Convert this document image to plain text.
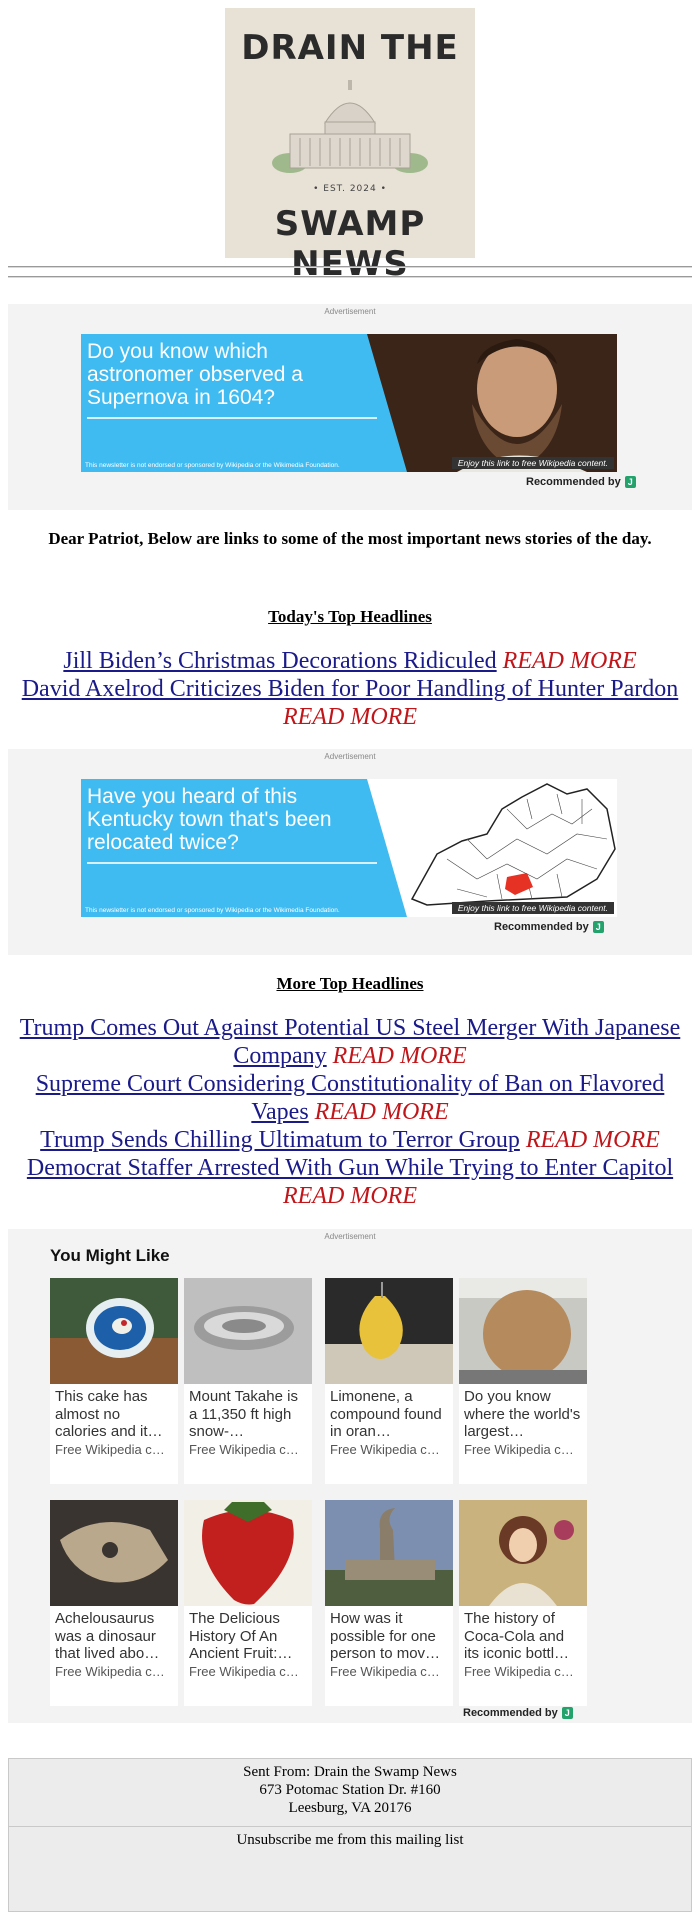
DRAIN THE
• EST. 2024 •
SWAMP NEWS
Advertisement
Do you know which astronomer observed a Supernova in 1604?
This newsletter is not endorsed or sponsored by Wikipedia or the Wikimedia Foundation.	Enjoy this link to free Wikipedia content.
Recommended by J
Dear Patriot, Below are links to some of the most important news stories of the day.
Today's Top Headlines
Jill Biden’s Christmas Decorations Ridiculed READ MORE
David Axelrod Criticizes Biden for Poor Handling of Hunter Pardon READ MORE
Advertisement
Have you heard of this Kentucky town that's been relocated twice?
This newsletter is not endorsed or sponsored by Wikipedia or the Wikimedia Foundation.	Enjoy this link to free Wikipedia content.
Recommended by J
More Top Headlines
Trump Comes Out Against Potential US Steel Merger With Japanese Company READ MORE
Supreme Court Considering Constitutionality of Ban on Flavored Vapes READ MORE
Trump Sends Chilling Ultimatum to Terror Group READ MORE
Democrat Staffer Arrested With Gun While Trying to Enter Capitol READ MORE
Advertisement
You Might Like
This cake has almost no calories and it…
Free Wikipedia c…
Mount Takahe is a 11,350 ft high snow-…
Free Wikipedia c…
Limonene, a compound found in oran…
Free Wikipedia c…
Do you know where the world's largest…
Free Wikipedia c…
Achelousaurus was a dinosaur that lived abo…
Free Wikipedia c…
The Delicious History Of An Ancient Fruit:…
Free Wikipedia c…
How was it possible for one person to mov…
Free Wikipedia c…
The history of Coca-Cola and its iconic bottl…
Free Wikipedia c…
Recommended by J
Sent From: Drain the Swamp News
673 Potomac Station Dr. #160
Leesburg, VA 20176
Unsubscribe me from this mailing list
